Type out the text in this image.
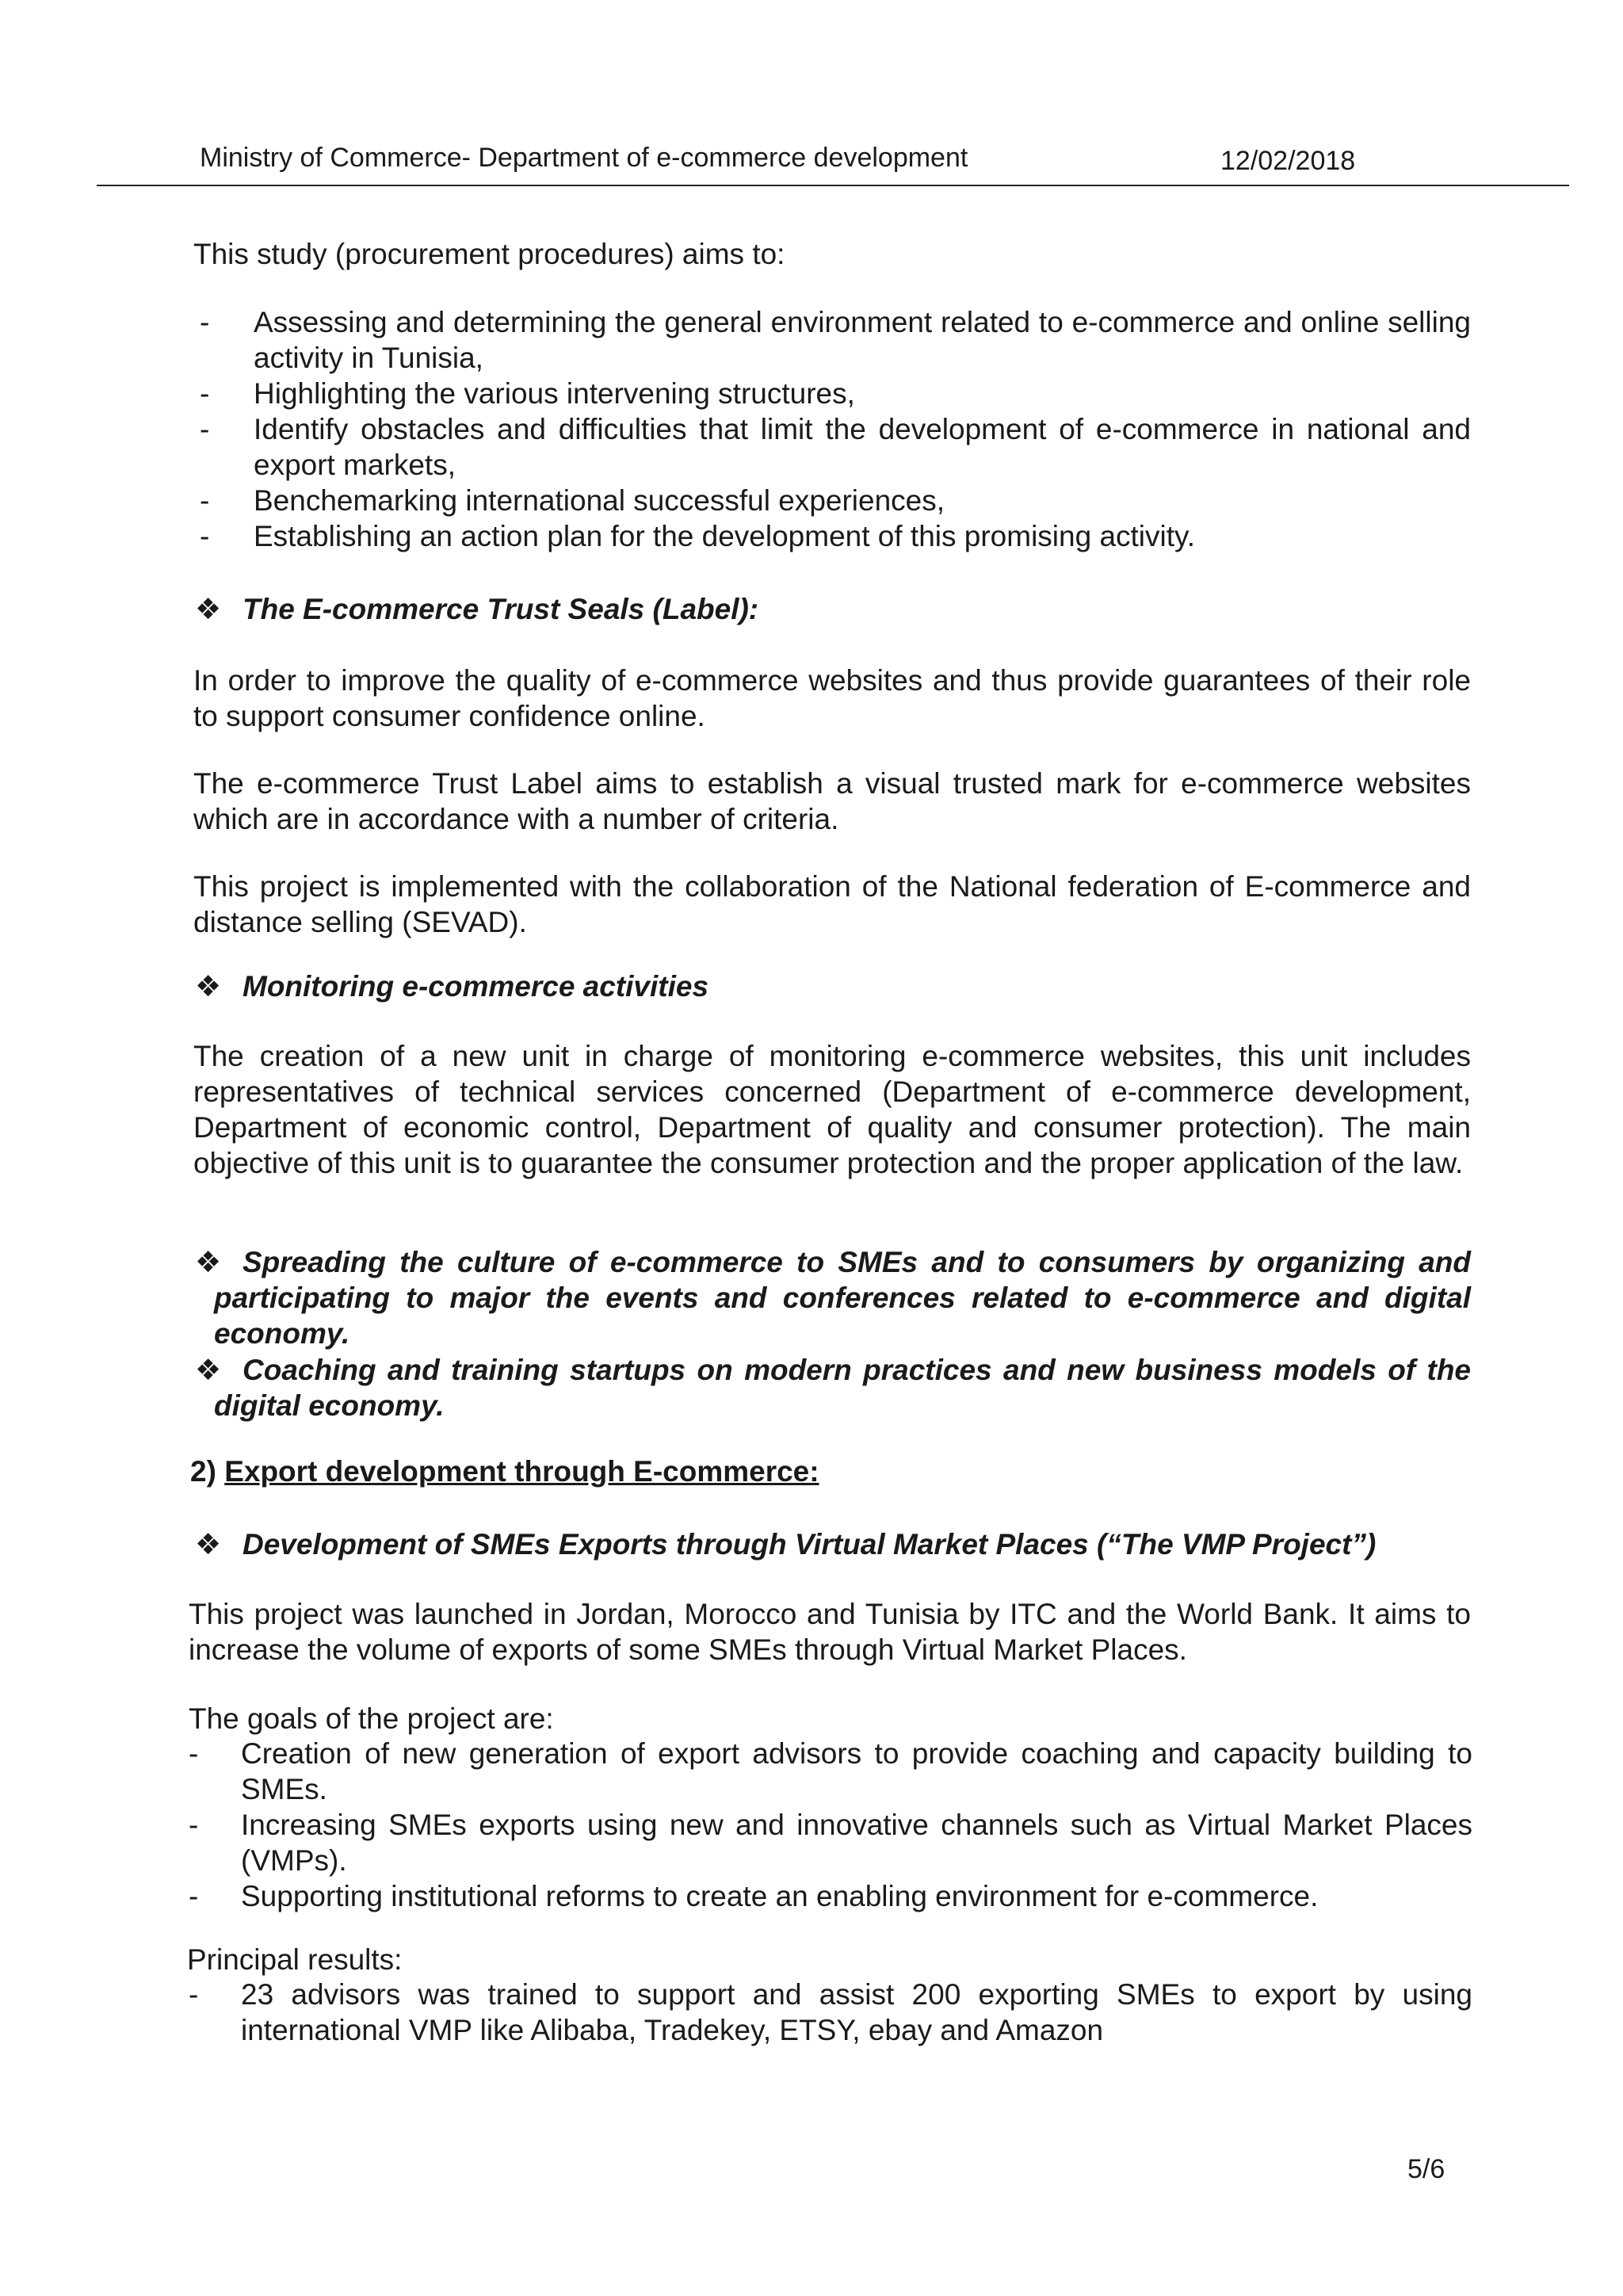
Ministry of Commerce- Department of e-commerce development	12/02/2018
This study (procurement procedures) aims to:
- Assessing and determining the general environment related to e-commerce and online selling activity in Tunisia,
- Highlighting the various intervening structures,
- Identify obstacles and difficulties that limit the development of e-commerce in national and export markets,
- Benchemarking international successful experiences,
- Establishing an action plan for the development of this promising activity.
❖ The E-commerce Trust Seals (Label):
In order to improve the quality of e-commerce websites and thus provide guarantees of their role to support consumer confidence online.
The e-commerce Trust Label aims to establish a visual trusted mark for e-commerce websites which are in accordance with a number of criteria.
This project is implemented with the collaboration of the National federation of E-commerce and distance selling (SEVAD).
❖ Monitoring e-commerce activities
The creation of a new unit in charge of monitoring e-commerce websites, this unit includes representatives of technical services concerned (Department of e-commerce development, Department of economic control, Department of quality and consumer protection). The main objective of this unit is to guarantee the consumer protection and the proper application of the law.
❖ Spreading the culture of e-commerce to SMEs and to consumers by organizing and participating to major the events and conferences related to e-commerce and digital economy.
❖ Coaching and training startups on modern practices and new business models of the digital economy.
2) Export development through E-commerce:
❖ Development of SMEs Exports through Virtual Market Places (“The VMP Project”)
This project was launched in Jordan, Morocco and Tunisia by ITC and the World Bank. It aims to increase the volume of exports of some SMEs through Virtual Market Places.
The goals of the project are:
- Creation of new generation of export advisors to provide coaching and capacity building to SMEs.
- Increasing SMEs exports using new and innovative channels such as Virtual Market Places (VMPs).
- Supporting institutional reforms to create an enabling environment for e-commerce.
Principal results:
- 23 advisors was trained to support and assist 200 exporting SMEs to export by using international VMP like Alibaba, Tradekey, ETSY, ebay and Amazon
5/6
